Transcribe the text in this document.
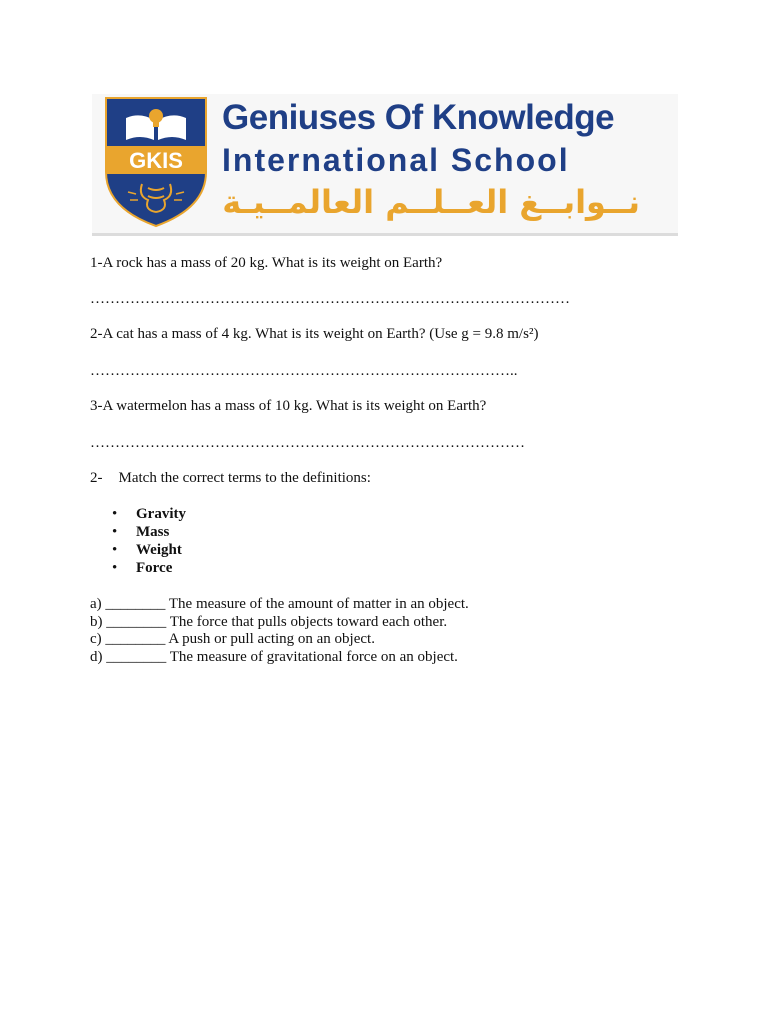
GKIS
Geniuses Of Knowledge
International School
نــوابــغ العــلــم العالمــيـة
1-A rock has a mass of 20 kg. What is its weight on Earth?
……………………………………………………………………………………
2-A cat has a mass of 4 kg. What is its weight on Earth? (Use g = 9.8 m/s²)
…………………………………………………………………………..
3-A watermelon has a mass of 10 kg. What is its weight on Earth?
……………………………………………………………………………
2- Match the correct terms to the definitions:
• Gravity
• Mass
• Weight
• Force
a) ________ The measure of the amount of matter in an object.
b) ________ The force that pulls objects toward each other.
c) ________ A push or pull acting on an object.
d) ________ The measure of gravitational force on an object.
